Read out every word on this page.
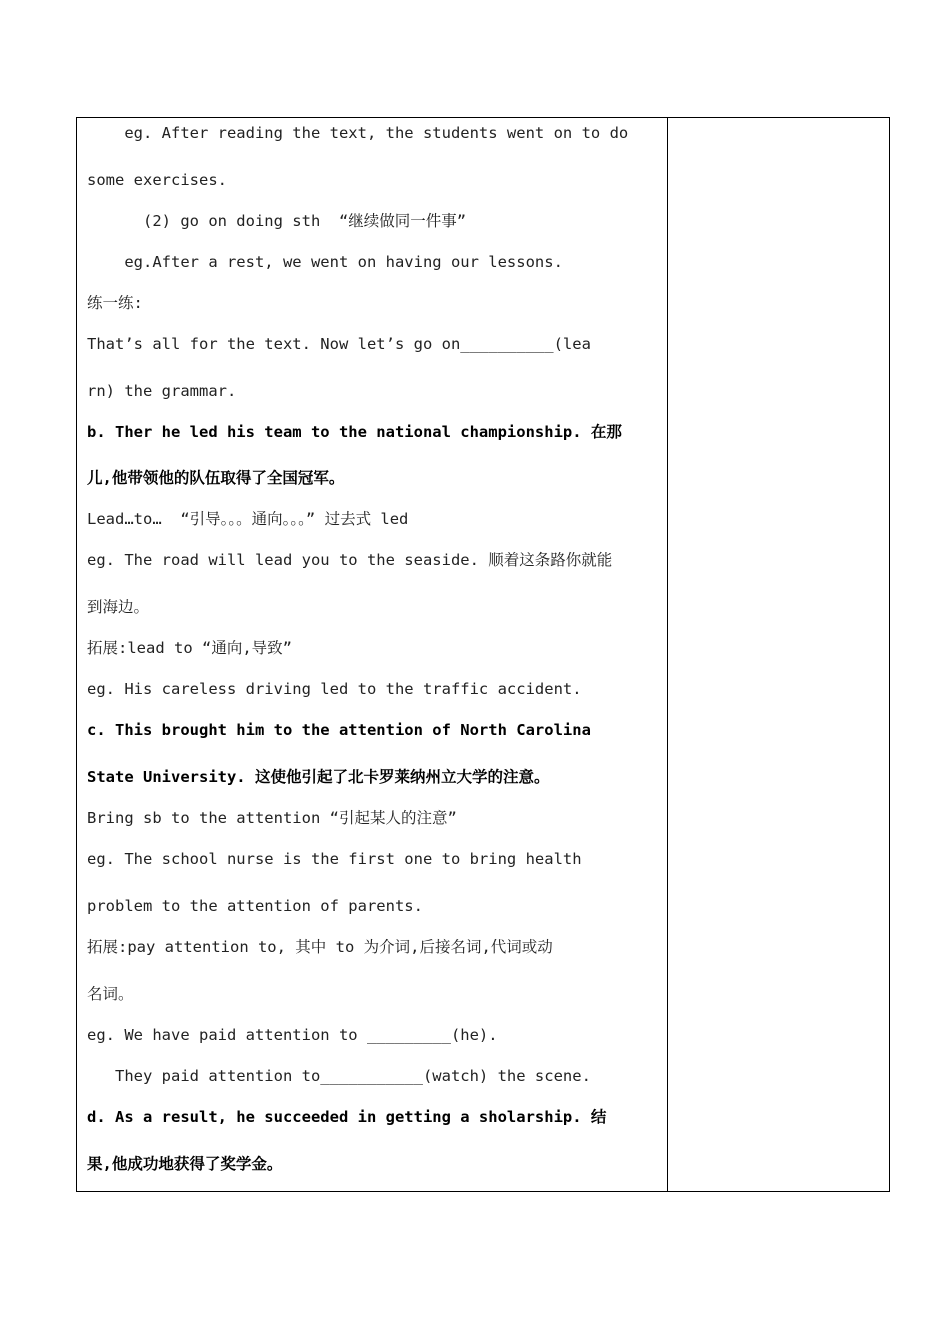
eg. After reading the text, the students went on to do
some exercises.
(2) go on doing sth  “继续做同一件事”
eg.After a rest, we went on having our lessons.
练一练:
That’s all for the text. Now let’s go on__________(lea
rn) the grammar.
b. Ther he led his team to the national championship. 在那
儿,他带领他的队伍取得了全国冠军。
Lead…to…  “引导。。。通向。。。” 过去式 led
eg. The road will lead you to the seaside. 顺着这条路你就能
到海边。
拓展:lead to “通向,导致”
eg. His careless driving led to the traffic accident.
c. This brought him to the attention of North Carolina
State University. 这使他引起了北卡罗莱纳州立大学的注意。
Bring sb to the attention “引起某人的注意”
eg. The school nurse is the first one to bring health
problem to the attention of parents.
拓展:pay attention to, 其中 to 为介词,后接名词,代词或动
名词。
eg. We have paid attention to _________(he).
They paid attention to___________(watch) the scene.
d. As a result, he succeeded in getting a sholarship. 结
果,他成功地获得了奖学金。
